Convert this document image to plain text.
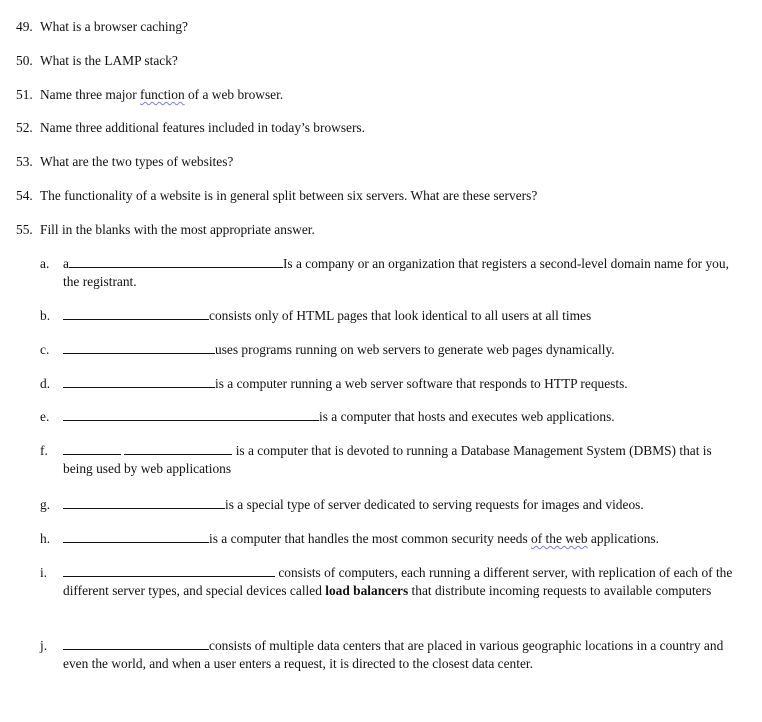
49. What is a browser caching?
50. What is the LAMP stack?
51. Name three major function of a web browser.
52. Name three additional features included in today’s browsers.
53. What are the two types of websites?
54. The functionality of a website is in general split between six servers. What are these servers?
55. Fill in the blanks with the most appropriate answer.
a.	a	Is a company or an organization that registers a second-level domain name for you, the registrant.
b.	consists only of HTML pages that look identical to all users at all times
c.	uses programs running on web servers to generate web pages dynamically.
d.	is a computer running a web server software that responds to HTTP requests.
e.	is a computer that hosts and executes web applications.
f.	is a computer that is devoted to running a Database Management System (DBMS) that is being used by web applications
g.	is a special type of server dedicated to serving requests for images and videos.
h.	is a computer that handles the most common security needs of the web applications.
i.	consists of computers, each running a different server, with replication of each of the different server types, and special devices called load balancers that distribute incoming requests to available computers
j.	consists of multiple data centers that are placed in various geographic locations in a country and even the world, and when a user enters a request, it is directed to the closest data center.
